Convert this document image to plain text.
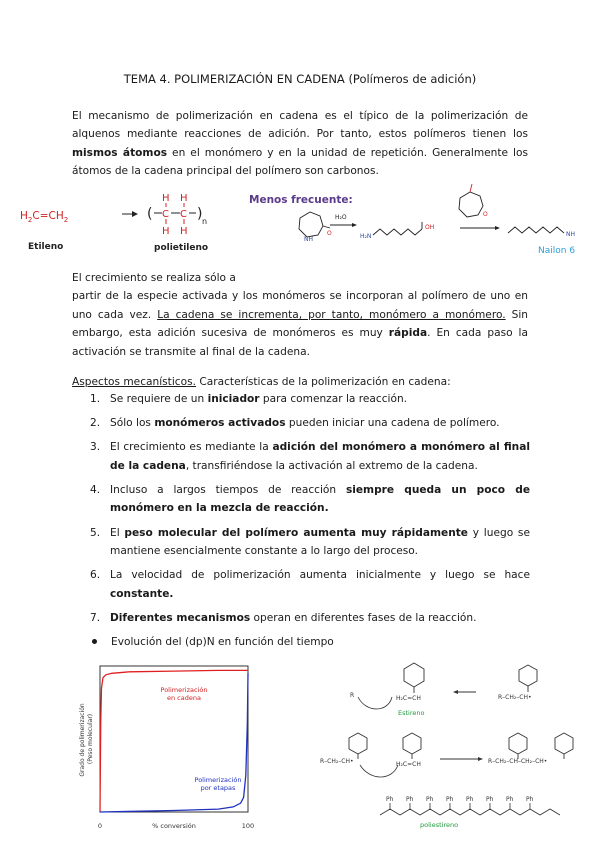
TEMA 4. POLIMERIZACIÓN EN CADENA (Polímeros de adición)
El mecanismo de polimerización en cadena es el típico de la polimerización de alquenos mediante reacciones de adición. Por tanto, estos polímeros tienen los mismos átomos en el monómero y en la unidad de repetición. Generalmente los átomos de la cadena principal del polímero son carbonos.
$H_2C=CH_2$
Etileno
( C C ) n
H H
H H
polietileno
Menos frecuente:
NH
O
H₂O
H₂N
OH
O
NH
Nailon 6
El crecimiento se realiza sólo a
partir de la especie activada y los monómeros se incorporan al polímero de uno en uno cada vez. La cadena se incrementa, por tanto, monómero a monómero. Sin embargo, esta adición sucesiva de monómeros es muy rápida. En cada paso la activación se transmite al final de la cadena.
Aspectos mecanísticos. Características de la polimerización en cadena:
1. Se requiere de un iniciador para comenzar la reacción.
2. Sólo los monómeros activados pueden iniciar una cadena de polímero.
3. El crecimiento es mediante la adición del monómero a monómero al final de la cadena, transfiriéndose la activación al extremo de la cadena.
4. Incluso a largos tiempos de reacción siempre queda un poco de monómero en la mezcla de reacción.
5. El peso molecular del polímero aumenta muy rápidamente y luego se mantiene esencialmente constante a lo largo del proceso.
6. La velocidad de polimerización aumenta inicialmente y luego se hace constante.
7. Diferentes mecanismos operan en diferentes fases de la reacción.
Evolución del (dp)N en función del tiempo
Grado de polimerización (Peso molecular)
0	100
% conversión
Polimerización en cadena
Polimerización por etapas
R	H₂C=CH
Estireno
R–CH₂–CH•
R–CH₂–CH•	H₂C=CH	R–CH₂–CH–CH₂–CH•
Ph Ph Ph Ph Ph Ph Ph Ph
poliestireno
